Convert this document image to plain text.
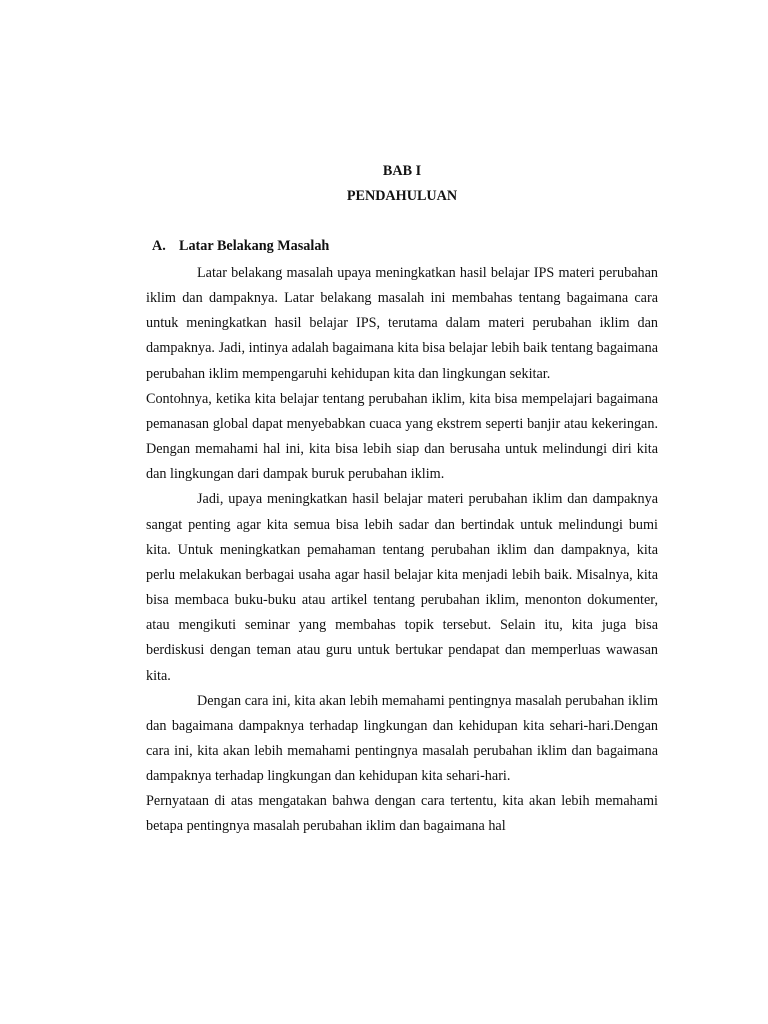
BAB I
PENDAHULUAN
A. Latar Belakang Masalah

Latar belakang masalah upaya meningkatkan hasil belajar IPS materi perubahan iklim dan dampaknya. Latar belakang masalah ini membahas tentang bagaimana cara untuk meningkatkan hasil belajar IPS, terutama dalam materi perubahan iklim dan dampaknya. Jadi, intinya adalah bagaimana kita bisa belajar lebih baik tentang bagaimana perubahan iklim mempengaruhi kehidupan kita dan lingkungan sekitar.

Contohnya, ketika kita belajar tentang perubahan iklim, kita bisa mempelajari bagaimana pemanasan global dapat menyebabkan cuaca yang ekstrem seperti banjir atau kekeringan. Dengan memahami hal ini, kita bisa lebih siap dan berusaha untuk melindungi diri kita dan lingkungan dari dampak buruk perubahan iklim.

Jadi, upaya meningkatkan hasil belajar materi perubahan iklim dan dampaknya sangat penting agar kita semua bisa lebih sadar dan bertindak untuk melindungi bumi kita. Untuk meningkatkan pemahaman tentang perubahan iklim dan dampaknya, kita perlu melakukan berbagai usaha agar hasil belajar kita menjadi lebih baik. Misalnya, kita bisa membaca buku-buku atau artikel tentang perubahan iklim, menonton dokumenter, atau mengikuti seminar yang membahas topik tersebut. Selain itu, kita juga bisa berdiskusi dengan teman atau guru untuk bertukar pendapat dan memperluas wawasan kita.

Dengan cara ini, kita akan lebih memahami pentingnya masalah perubahan iklim dan bagaimana dampaknya terhadap lingkungan dan kehidupan kita sehari-hari.Dengan cara ini, kita akan lebih memahami pentingnya masalah perubahan iklim dan bagaimana dampaknya terhadap lingkungan dan kehidupan kita sehari-hari.

Pernyataan di atas mengatakan bahwa dengan cara tertentu, kita akan lebih memahami betapa pentingnya masalah perubahan iklim dan bagaimana hal
